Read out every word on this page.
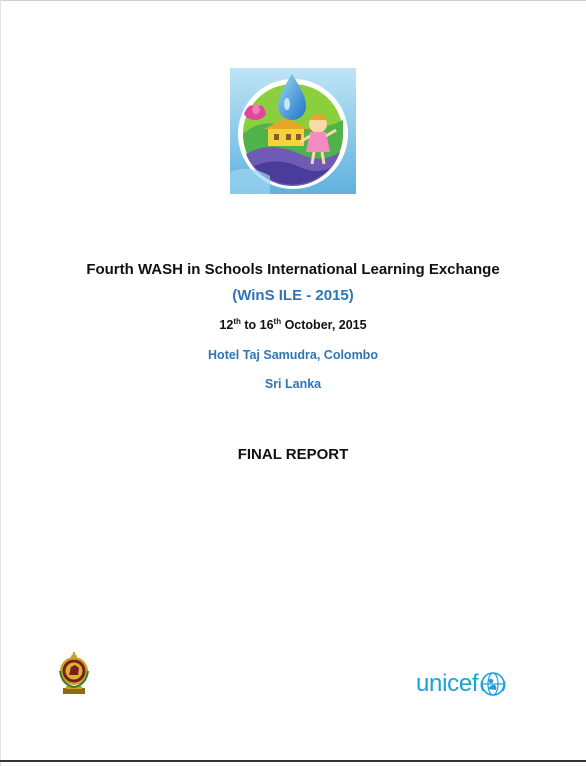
Fourth WASH in Schools International Learning Exchange
(WinS ILE - 2015)
12th to 16th October, 2015
Hotel Taj Samudra, Colombo
Sri Lanka
FINAL REPORT
unicef
